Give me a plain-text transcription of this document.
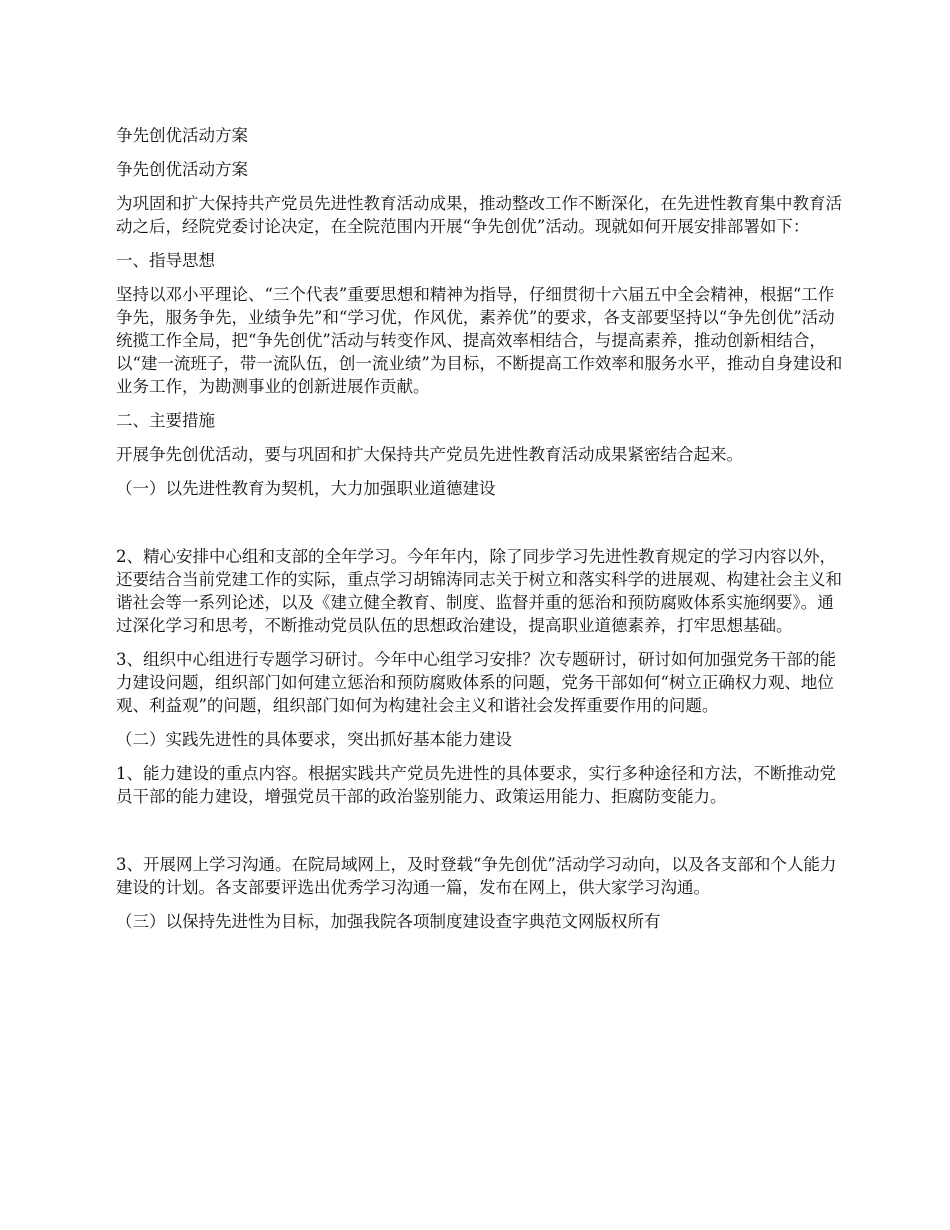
争先创优活动方案

争先创优活动方案

为巩固和扩大保持共产党员先进性教育活动成果，推动整改工作不断深化，在先进性教育集中教育活动之后，经院党委讨论决定，在全院范围内开展“争先创优”活动。现就如何开展安排部署如下：

一、指导思想

坚持以邓小平理论、“三个代表”重要思想和精神为指导，仔细贯彻十六届五中全会精神，根据“工作争先，服务争先，业绩争先”和“学习优，作风优，素养优”的要求，各支部要坚持以“争先创优”活动统揽工作全局，把“争先创优”活动与转变作风、提高效率相结合，与提高素养，推动创新相结合，以“建一流班子，带一流队伍，创一流业绩”为目标，不断提高工作效率和服务水平，推动自身建设和业务工作，为勘测事业的创新进展作贡献。

二、主要措施

开展争先创优活动，要与巩固和扩大保持共产党员先进性教育活动成果紧密结合起来。

（一）以先进性教育为契机，大力加强职业道德建设

2、精心安排中心组和支部的全年学习。今年年内，除了同步学习先进性教育规定的学习内容以外，还要结合当前党建工作的实际，重点学习胡锦涛同志关于树立和落实科学的进展观、构建社会主义和谐社会等一系列论述，以及《建立健全教育、制度、监督并重的惩治和预防腐败体系实施纲要》。通过深化学习和思考，不断推动党员队伍的思想政治建设，提高职业道德素养，打牢思想基础。

3、组织中心组进行专题学习研讨。今年中心组学习安排？次专题研讨，研讨如何加强党务干部的能力建设问题，组织部门如何建立惩治和预防腐败体系的问题，党务干部如何“树立正确权力观、地位观、利益观”的问题，组织部门如何为构建社会主义和谐社会发挥重要作用的问题。

（二）实践先进性的具体要求，突出抓好基本能力建设

1、能力建设的重点内容。根据实践共产党员先进性的具体要求，实行多种途径和方法，不断推动党员干部的能力建设，增强党员干部的政治鉴别能力、政策运用能力、拒腐防变能力。

3、开展网上学习沟通。在院局域网上，及时登载“争先创优”活动学习动向，以及各支部和个人能力建设的计划。各支部要评选出优秀学习沟通一篇，发布在网上，供大家学习沟通。

（三）以保持先进性为目标，加强我院各项制度建设查字典范文网版权所有
